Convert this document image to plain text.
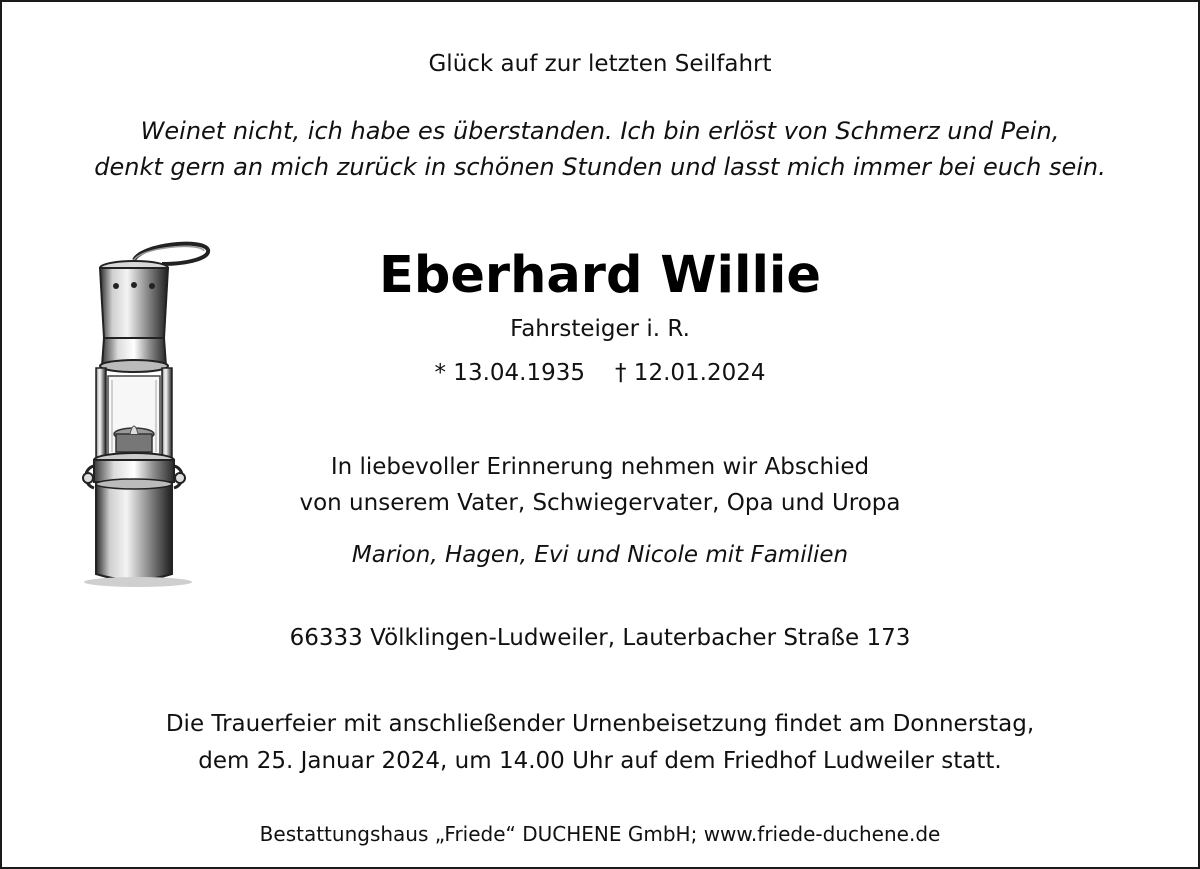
Glück auf zur letzten Seilfahrt
Weinet nicht, ich habe es überstanden. Ich bin erlöst von Schmerz und Pein,
denkt gern an mich zurück in schönen Stunden und lasst mich immer bei euch sein.
Eberhard Willie
Fahrsteiger i. R.
* 13.04.1935 † 12.01.2024
In liebevoller Erinnerung nehmen wir Abschied
von unserem Vater, Schwiegervater, Opa und Uropa
Marion, Hagen, Evi und Nicole mit Familien
66333 Völklingen-Ludweiler, Lauterbacher Straße 173
Die Trauerfeier mit anschließender Urnenbeisetzung findet am Donnerstag,
dem 25. Januar 2024, um 14.00 Uhr auf dem Friedhof Ludweiler statt.
Bestattungshaus „Friede“ DUCHENE GmbH; www.friede-duchene.de
